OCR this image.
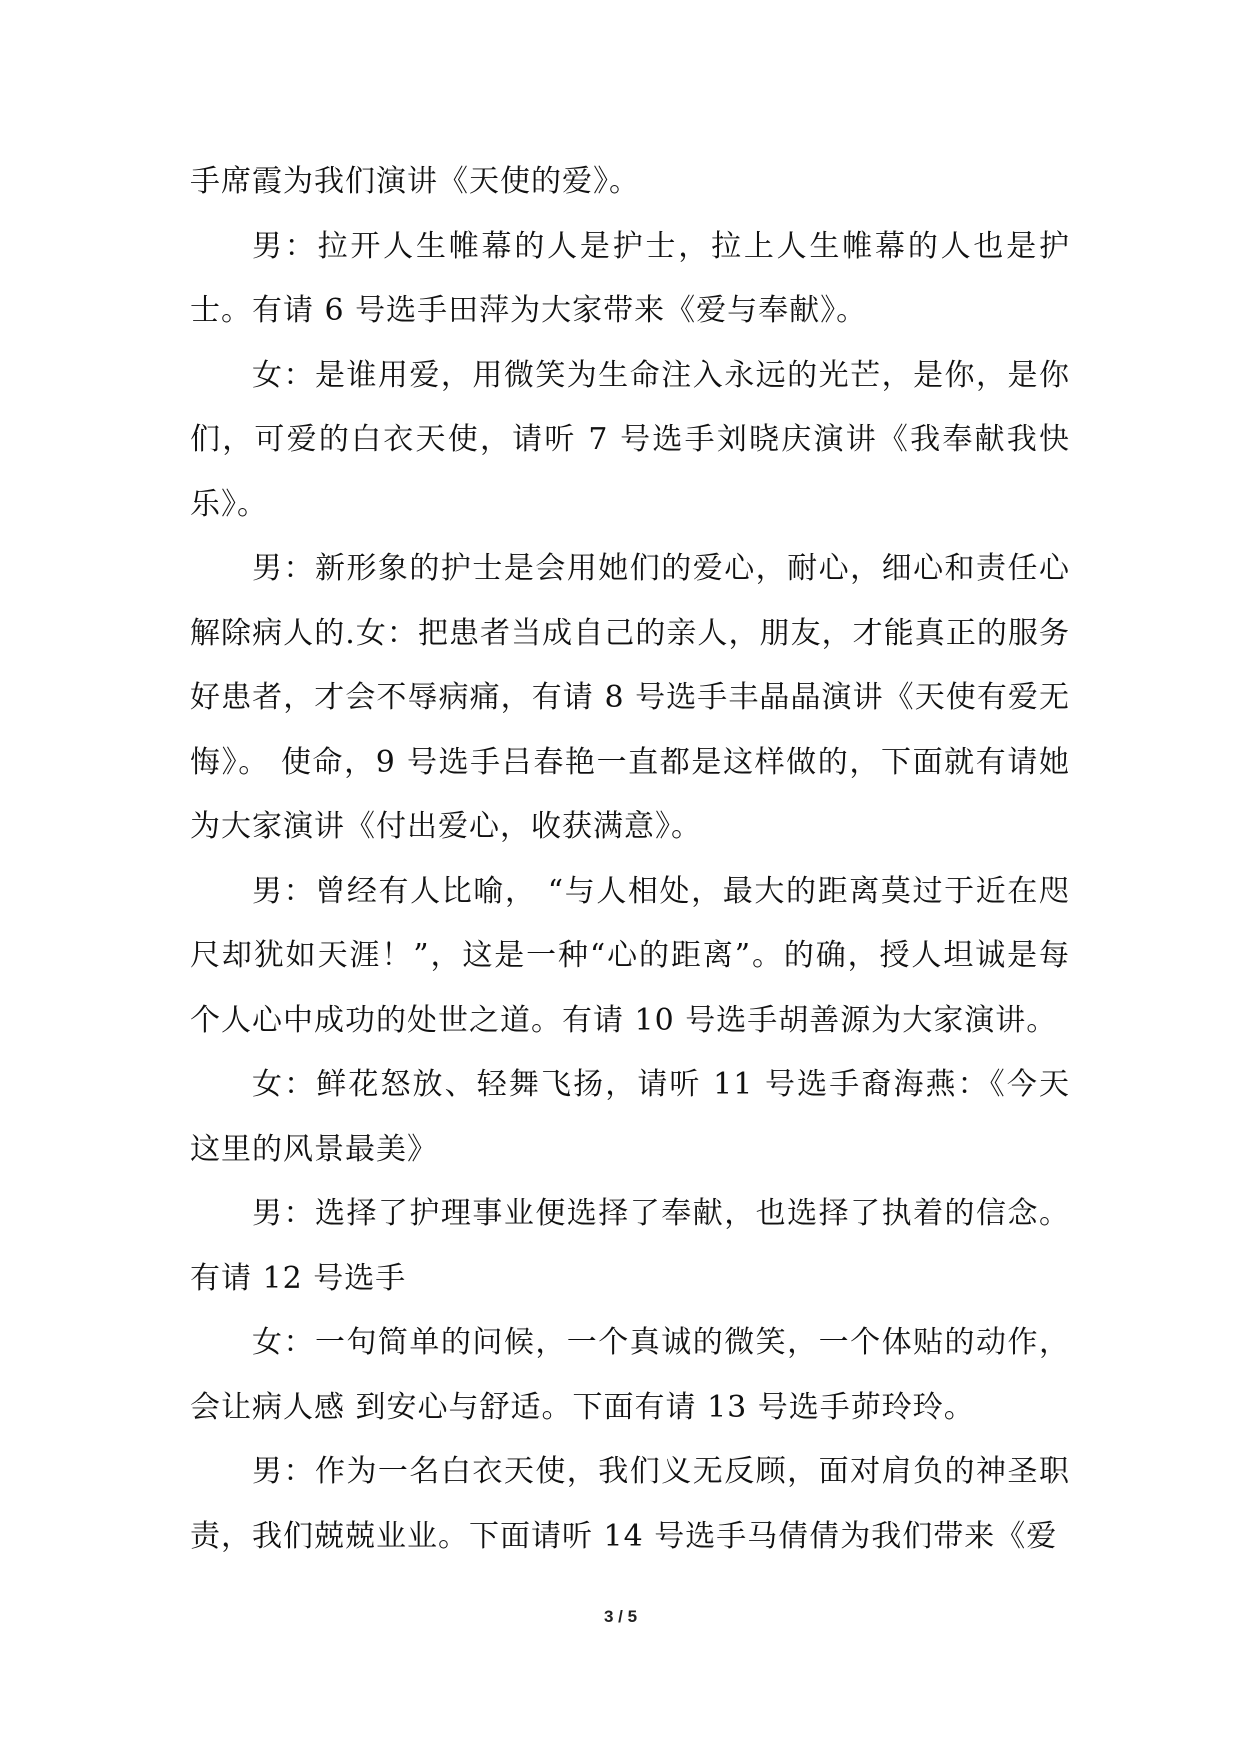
手席霞为我们演讲《天使的爱》。

男：拉开人生帷幕的人是护士，拉上人生帷幕的人也是护士。有请 6 号选手田萍为大家带来《爱与奉献》。

女：是谁用爱，用微笑为生命注入永远的光芒，是你，是你们，可爱的白衣天使，请听 7 号选手刘晓庆演讲《我奉献我快乐》。

男：新形象的护士是会用她们的爱心，耐心，细心和责任心解除病人的.女：把患者当成自己的亲人，朋友，才能真正的服务好患者，才会不辱病痛，有请 8 号选手丰晶晶演讲《天使有爱无悔》。 使命，9 号选手吕春艳一直都是这样做的，下面就有请她为大家演讲《付出爱心，收获满意》。

男：曾经有人比喻， “与人相处，最大的距离莫过于近在咫尺却犹如天涯！”，这是一种“心的距离”。的确，授人坦诚是每个人心中成功的处世之道。有请 10 号选手胡善源为大家演讲。

女：鲜花怒放、轻舞飞扬，请听 11 号选手裔海燕：《今天这里的风景最美》

男：选择了护理事业便选择了奉献，也选择了执着的信念。有请 12 号选手

女：一句简单的问候，一个真诚的微笑，一个体贴的动作，会让病人感 到安心与舒适。下面有请 13 号选手茆玲玲。

男：作为一名白衣天使，我们义无反顾，面对肩负的神圣职责，我们兢兢业业。下面请听 14 号选手马倩倩为我们带来《爱

3 / 5
